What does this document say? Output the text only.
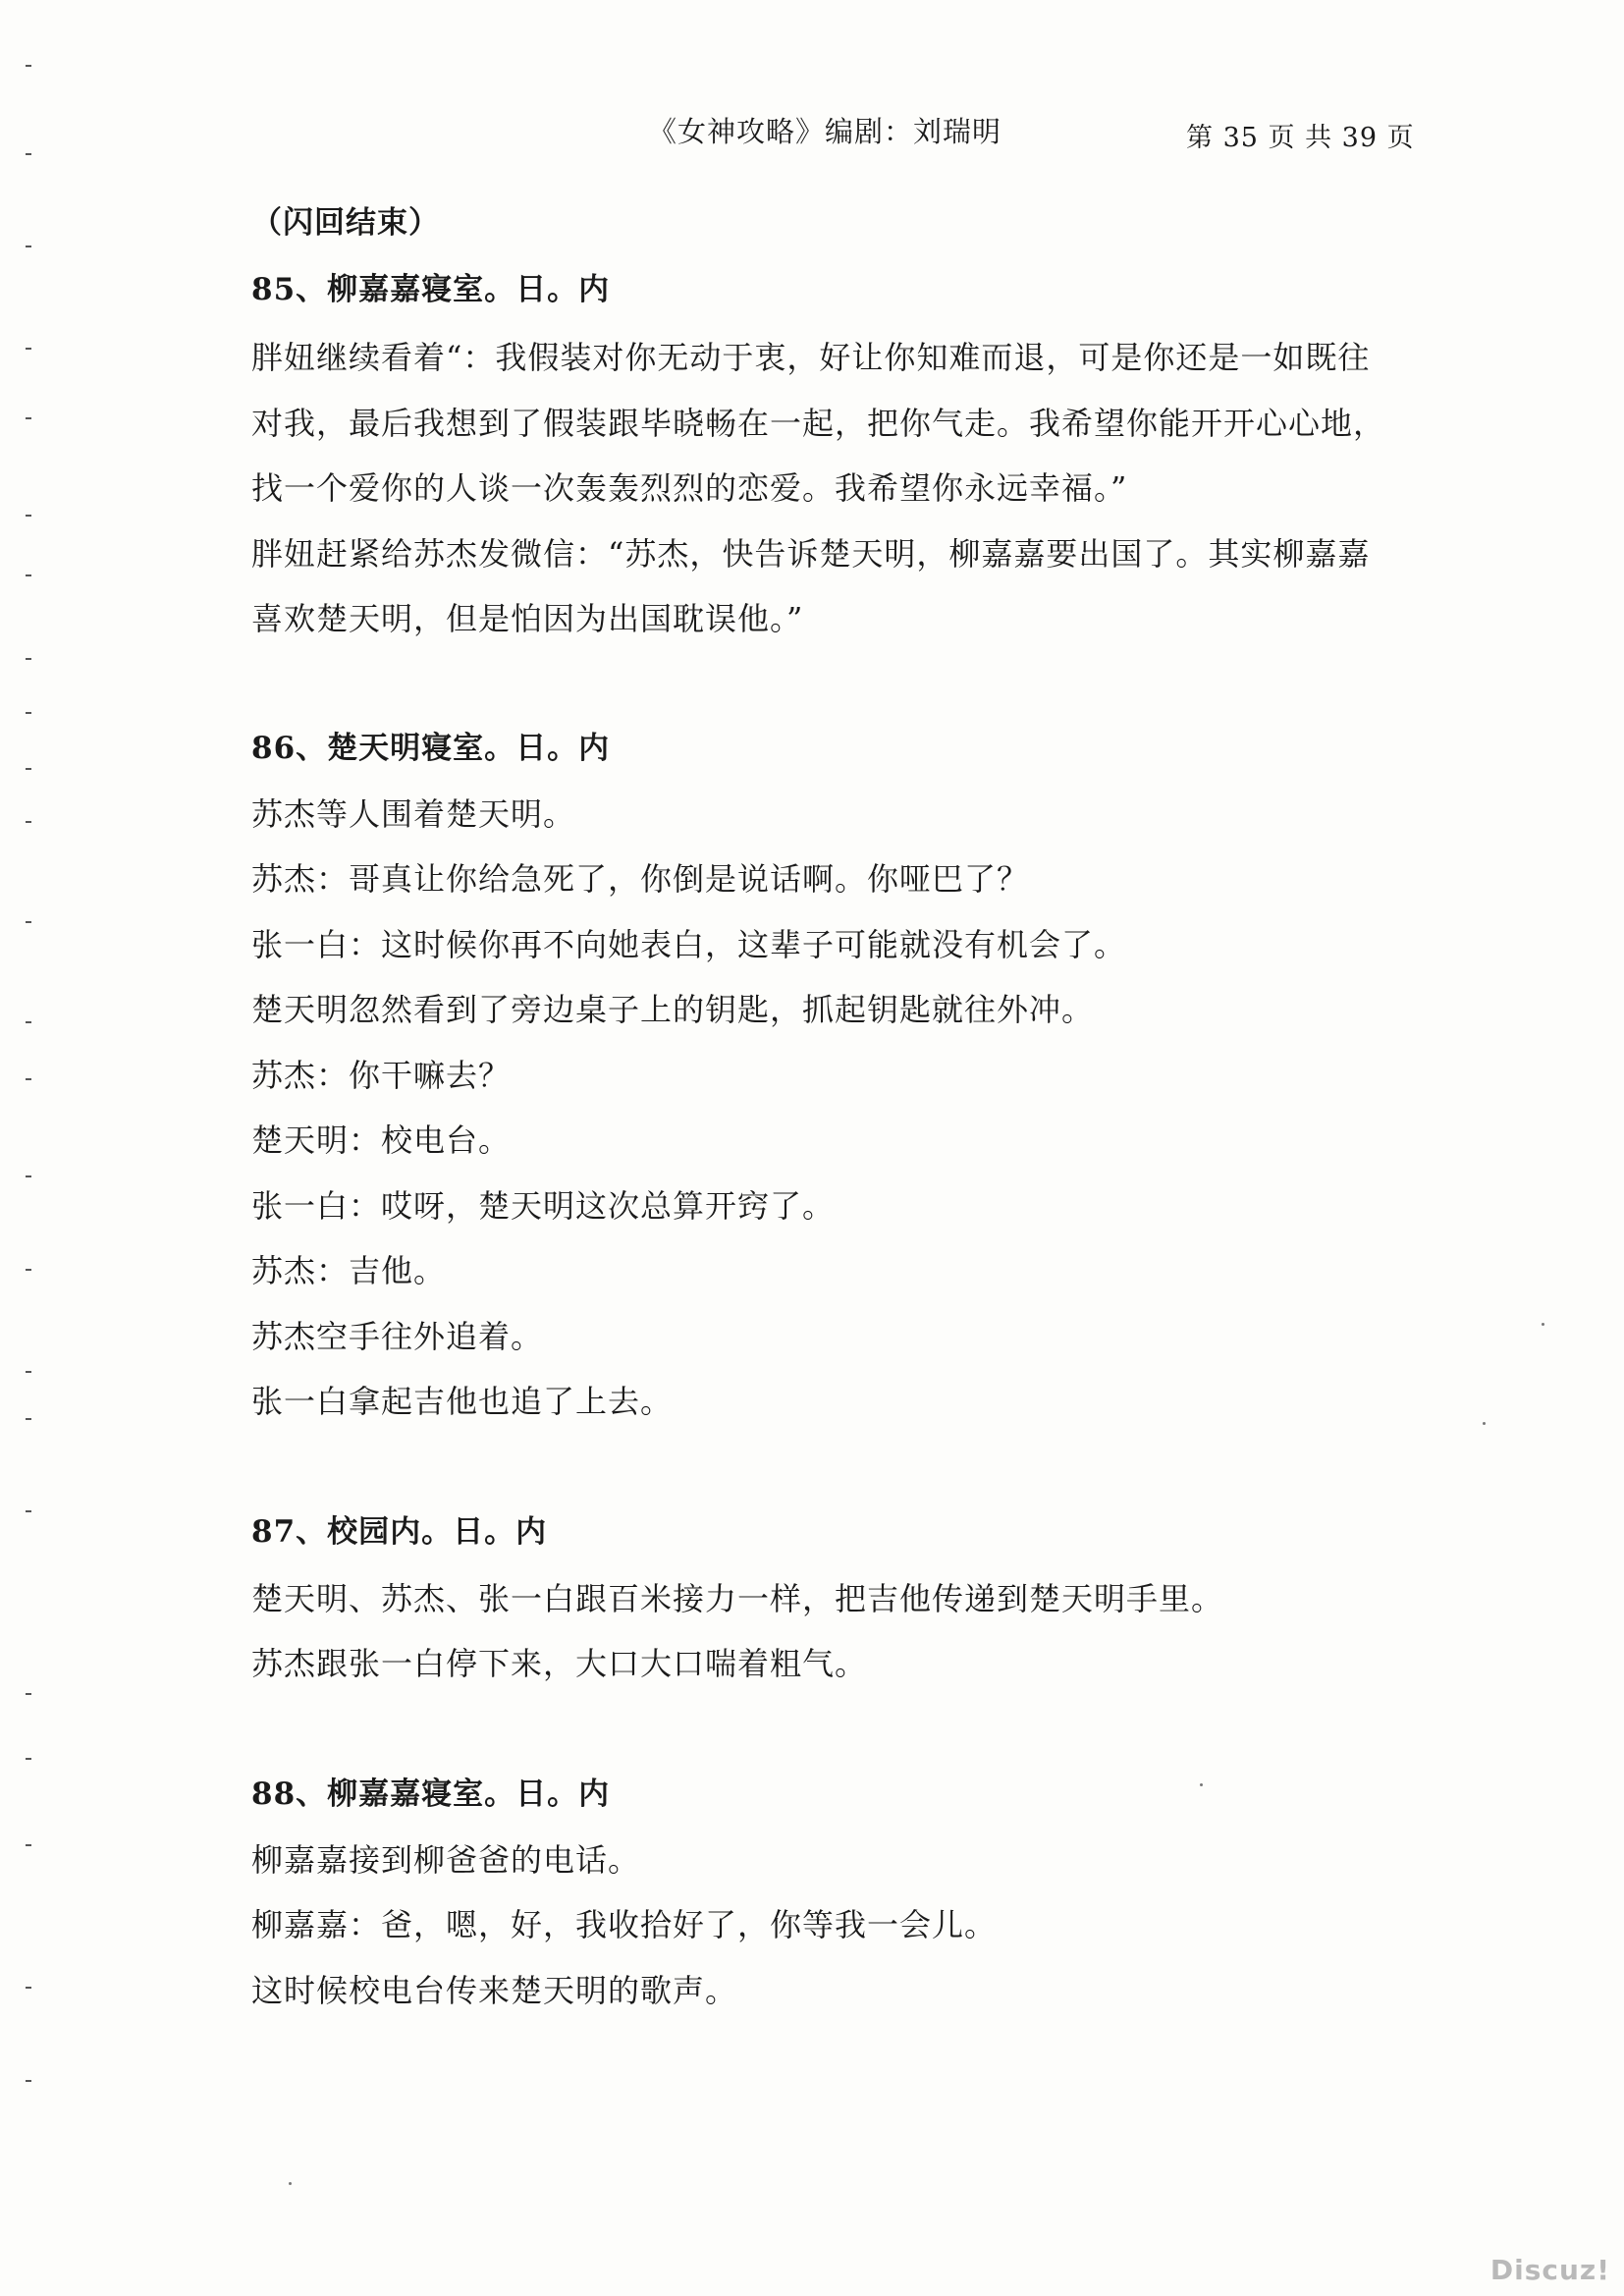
《女神攻略》编剧：刘瑞明	第 35 页 共 39 页
（闪回结束）
85、柳嘉嘉寝室。日。内
胖妞继续看着“：我假装对你无动于衷，好让你知难而退，可是你还是一如既往
对我，最后我想到了假装跟毕晓畅在一起，把你气走。我希望你能开开心心地，
找一个爱你的人谈一次轰轰烈烈的恋爱。我希望你永远幸福。”
胖妞赶紧给苏杰发微信：“苏杰，快告诉楚天明，柳嘉嘉要出国了。其实柳嘉嘉
喜欢楚天明，但是怕因为出国耽误他。”
86、楚天明寝室。日。内
苏杰等人围着楚天明。
苏杰：哥真让你给急死了，你倒是说话啊。你哑巴了？
张一白：这时候你再不向她表白，这辈子可能就没有机会了。
楚天明忽然看到了旁边桌子上的钥匙，抓起钥匙就往外冲。
苏杰：你干嘛去？
楚天明：校电台。
张一白：哎呀，楚天明这次总算开窍了。
苏杰：吉他。
苏杰空手往外追着。
张一白拿起吉他也追了上去。
87、校园内。日。内
楚天明、苏杰、张一白跟百米接力一样，把吉他传递到楚天明手里。
苏杰跟张一白停下来，大口大口喘着粗气。
88、柳嘉嘉寝室。日。内
柳嘉嘉接到柳爸爸的电话。
柳嘉嘉：爸，嗯，好，我收拾好了，你等我一会儿。
这时候校电台传来楚天明的歌声。
Discuz!
